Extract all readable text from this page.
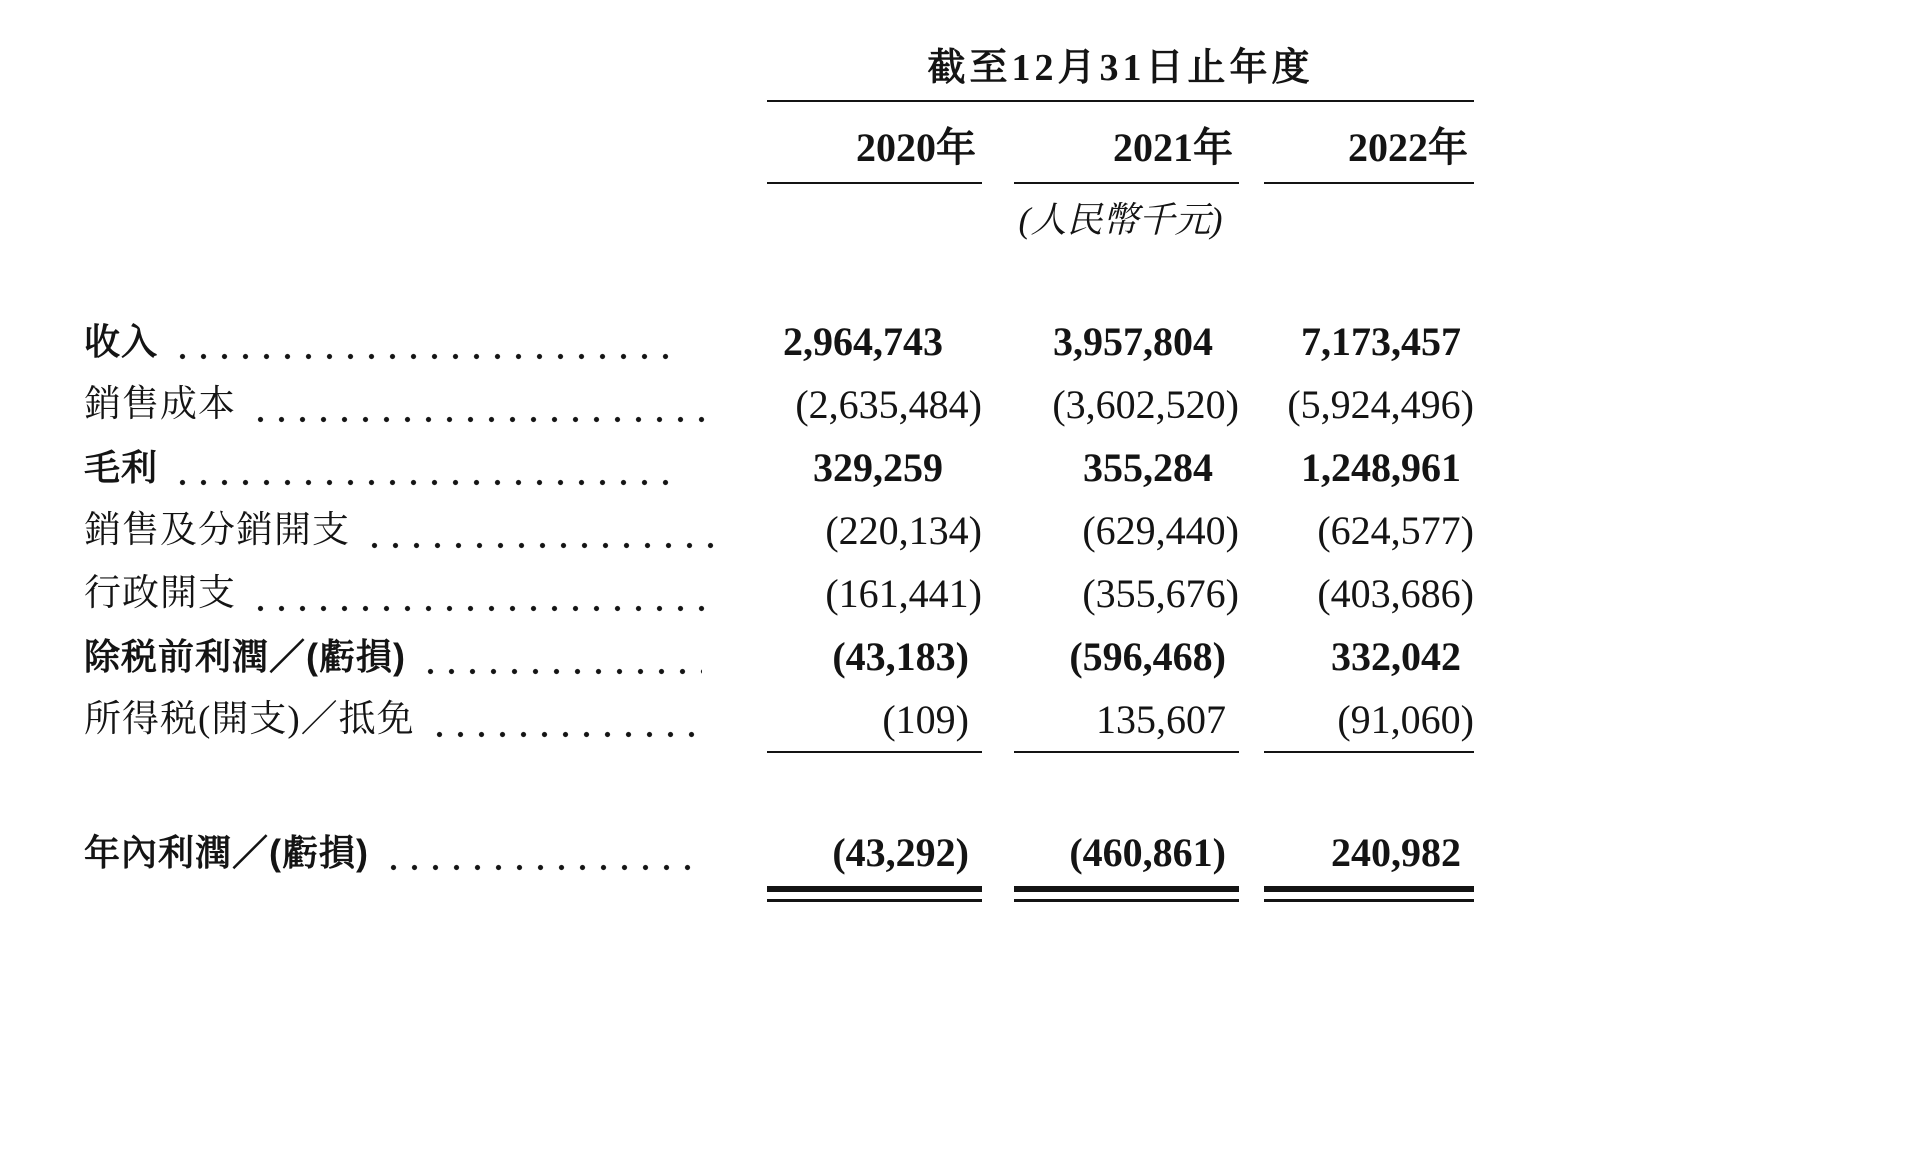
截至12月31日止年度
2020年	2021年	2022年
(人民幣千元)
收入	2,964,743	3,957,804	7,173,457
銷售成本	(2,635,484)	(3,602,520)	(5,924,496)
毛利	329,259	355,284	1,248,961
銷售及分銷開支	(220,134)	(629,440)	(624,577)
行政開支	(161,441)	(355,676)	(403,686)
除税前利潤／(虧損)	(43,183)	(596,468)	332,042
所得税(開支)／抵免	(109)	135,607	(91,060)
年內利潤／(虧損)	(43,292)	(460,861)	240,982
